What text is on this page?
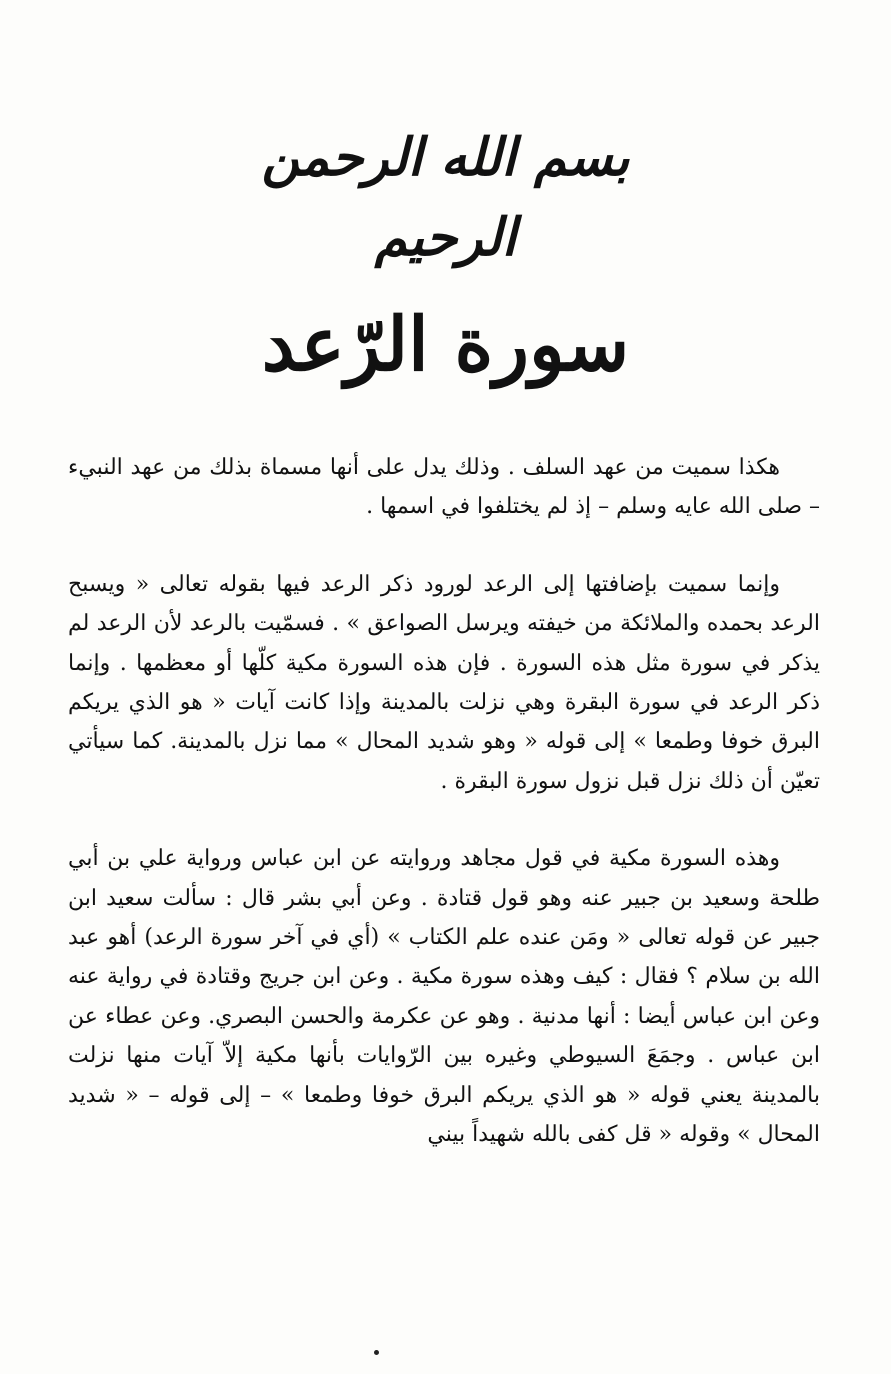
بسم الله الرحمن الرحيم
سورة الرّعد

هكذا سميت من عهد السلف . وذلك يدل على أنها مسماة بذلك من عهد النبيء – صلى الله عايه وسلم – إذ لم يختلفوا في اسمها .

وإنما سميت بإضافتها إلى الرعد لورود ذكر الرعد فيها بقوله تعالى « ويسبح الرعد بحمده والملائكة من خيفته ويرسل الصواعق » . فسمّيت بالرعد لأن الرعد لم يذكر في سورة مثل هذه السورة . فإن هذه السورة مكية كلّها أو معظمها . وإنما ذكر الرعد في سورة البقرة وهي نزلت بالمدينة وإذا كانت آيات « هو الذي يريكم البرق خوفا وطمعا » إلى قوله « وهو شديد المحال » مما نزل بالمدينة. كما سيأتي تعيّن أن ذلك نزل قبل نزول سورة البقرة .

وهذه السورة مكية في قول مجاهد وروايته عن ابن عباس ورواية علي بن أبي طلحة وسعيد بن جبير عنه وهو قول قتادة . وعن أبي بشر قال : سألت سعيد ابن جبير عن قوله تعالى « ومَن عنده علم الكتاب » (أي في آخر سورة الرعد) أهو عبد الله بن سلام ؟ فقال : كيف وهذه سورة مكية . وعن ابن جريج وقتادة في رواية عنه وعن ابن عباس أيضا : أنها مدنية . وهو عن عكرمة والحسن البصري. وعن عطاء عن ابن عباس . وجمَعَ السيوطي وغيره بين الرّوايات بأنها مكية إلاّ آيات منها نزلت بالمدينة يعني قوله « هو الذي يريكم البرق خوفا وطمعا » – إلى قوله – « شديد المحال » وقوله « قل كفى بالله شهيداً بيني
